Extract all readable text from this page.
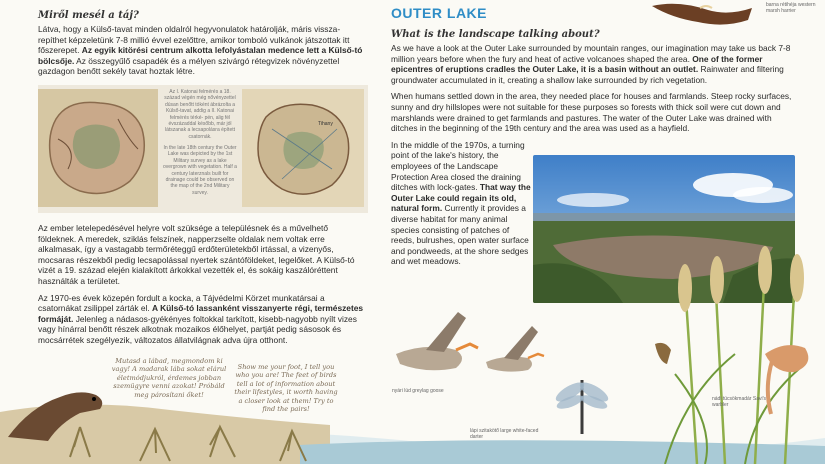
Miről mesél a táj?

Látva, hogy a Külső-tavat minden oldalról hegyvonulatok határolják, máris vissza- repíthet képzeletünk 7-8 millió évvel ezelőttre, amikor tomboló vulkánok játszottak itt főszerepet. Az egyik kitörési centrum alkotta lefolyástalan medence lett a Külső-tó bölcsője. Az összegyűlő csapadék és a mélyen szivárgó rétegvizek növényzettel gazdagon benőtt sekély tavat hoztak létre.

Az I. Katonai felmérés a 18. század végén még nővényzettel dúsan benőtt tóként ábrázolta a Külső-tavat, addig a II. Katonai felmérés térké- pén, alig fél évszázaddal később, már jól látszanak a lecsapolásra épített csatornák.
In the late 18th century the Outer Lake was depicted by the 1st Military survey as a lake overgrown with vegetation. Half a century laterznals built for drainage could be observed on the map of the 2nd Military survey.
Tihany

Az ember letelepedésével helyre volt szüksége a településnek és a művelhető földeknek. A meredek, sziklás felszínek, napperzselte oldalak nem voltak erre alkalmasak, így a vastagabb termőréteggű erdőterületekből irtással, a vizenyős, mocsaras részekből pedig lecsapolással nyertek szántóföldeket, legelőket. A Külső-tó vizét a 19. század elején kialakított árkokkal vezették el, és sokáig kaszálóréttent használták a területet.

Az 1970-es évek közepén fordult a kocka, a Tájvédelmi Körzet munkatársai a csatornákat zsilippel zárták el. A Külső-tó lassanként visszanyerte régi, természetes formáját. Jelenleg a nádasos-gyékényes foltokkal tarkított, kisebb-nagyobb nyílt vizes vagy hínárral benőtt részek alkotnak mozaikos élőhelyet, partját pedig sásosok és mocsárrétek szegélyezik, változatos állatvilágnak adva újra otthont.

OUTER LAKE
What is the landscape talking about?

As we have a look at the Outer Lake surrounded by mountain ranges, our imagination may take us back 7-8 million years before when the fury and heat of active volcanoes shaped the area. One of the former epicentres of eruptions cradles the Outer Lake, it is a basin without an outlet. Rainwater and filtering groundwater accumulated in it, creating a shallow lake surrounded by rich vegetation.

When humans settled down in the area, they needed place for houses and farmlands. Steep rocky surfaces, sunny and dry hillslopes were not suitable for these purposes so forests with thick soil were cut down and marshlands were drained to get farmlands and pastures. The water of the Outer Lake was drained with ditches in the beginning of the 19th century and the area was used as a hayfield.

In the middle of the 1970s, a turning point of the lake's history, the employees of the Landscape Protection Area closed the draining ditches with lock-gates. That way the Outer Lake could regain its old, natural form. Currently it provides a diverse habitat for many animal species consisting of patches of reeds, bulrushes, open water surface and pondweeds, at the shore sedges and wet meadows.

barna rétihéja western marsh harrier
nyári lúd greylag goose
lápi szitakötő large white-faced darter
nádi tücsökmadár Savi's warbler
Mutasd a lábad, megmondom ki vagy! A madarak lába sokat elárul életmódjukról, érdemes jobban szemügyre venni azokat! Próbáld meg párosítani őket!
Show me your foot, I tell you who you are! The feet of birds tell a lot of information about their lifestyles, it worth having a closer look at them! Try to find the pairs!
